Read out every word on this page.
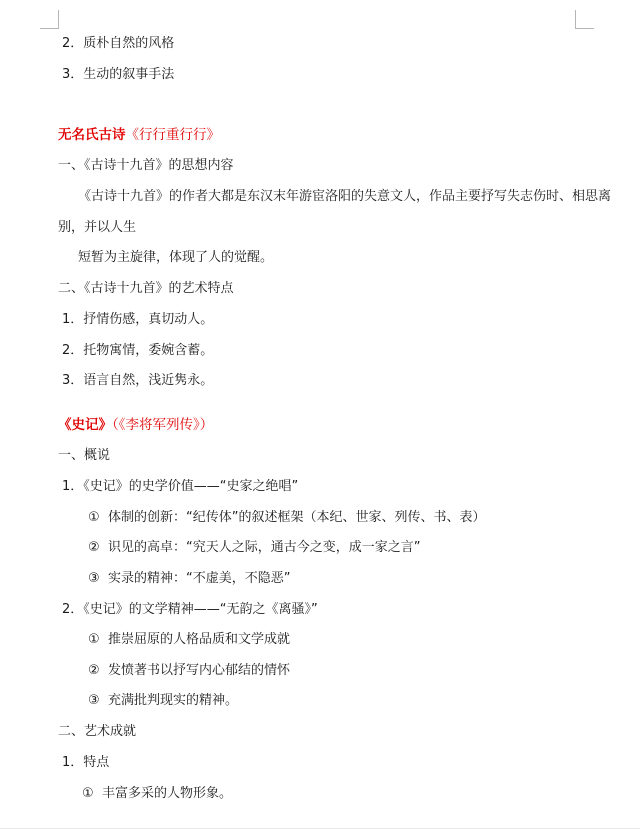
2．质朴自然的风格
3．生动的叙事手法
无名氏古诗《行行重行行》
一、《古诗十九首》的思想内容
《古诗十九首》的作者大都是东汉末年游宦洛阳的失意文人，作品主要抒写失志伤时、相思离
别，并以人生
短暂为主旋律，体现了人的觉醒。
二、《古诗十九首》的艺术特点
1．抒情伤感，真切动人。
2．托物寓情，委婉含蓄。
3．语言自然，浅近隽永。
《史记》（《李将军列传》）
一、概说
1．《史记》的史学价值——“史家之绝唱”
① 体制的创新：“纪传体”的叙述框架（本纪、世家、列传、书、表）
② 识见的高卓：“究天人之际，通古今之变，成一家之言”
③ 实录的精神：“不虚美，不隐恶”
2．《史记》的文学精神——“无韵之《离骚》”
① 推崇屈原的人格品质和文学成就
② 发愤著书以抒写内心郁结的情怀
③ 充满批判现实的精神。
二、艺术成就
1．特点
① 丰富多采的人物形象。
